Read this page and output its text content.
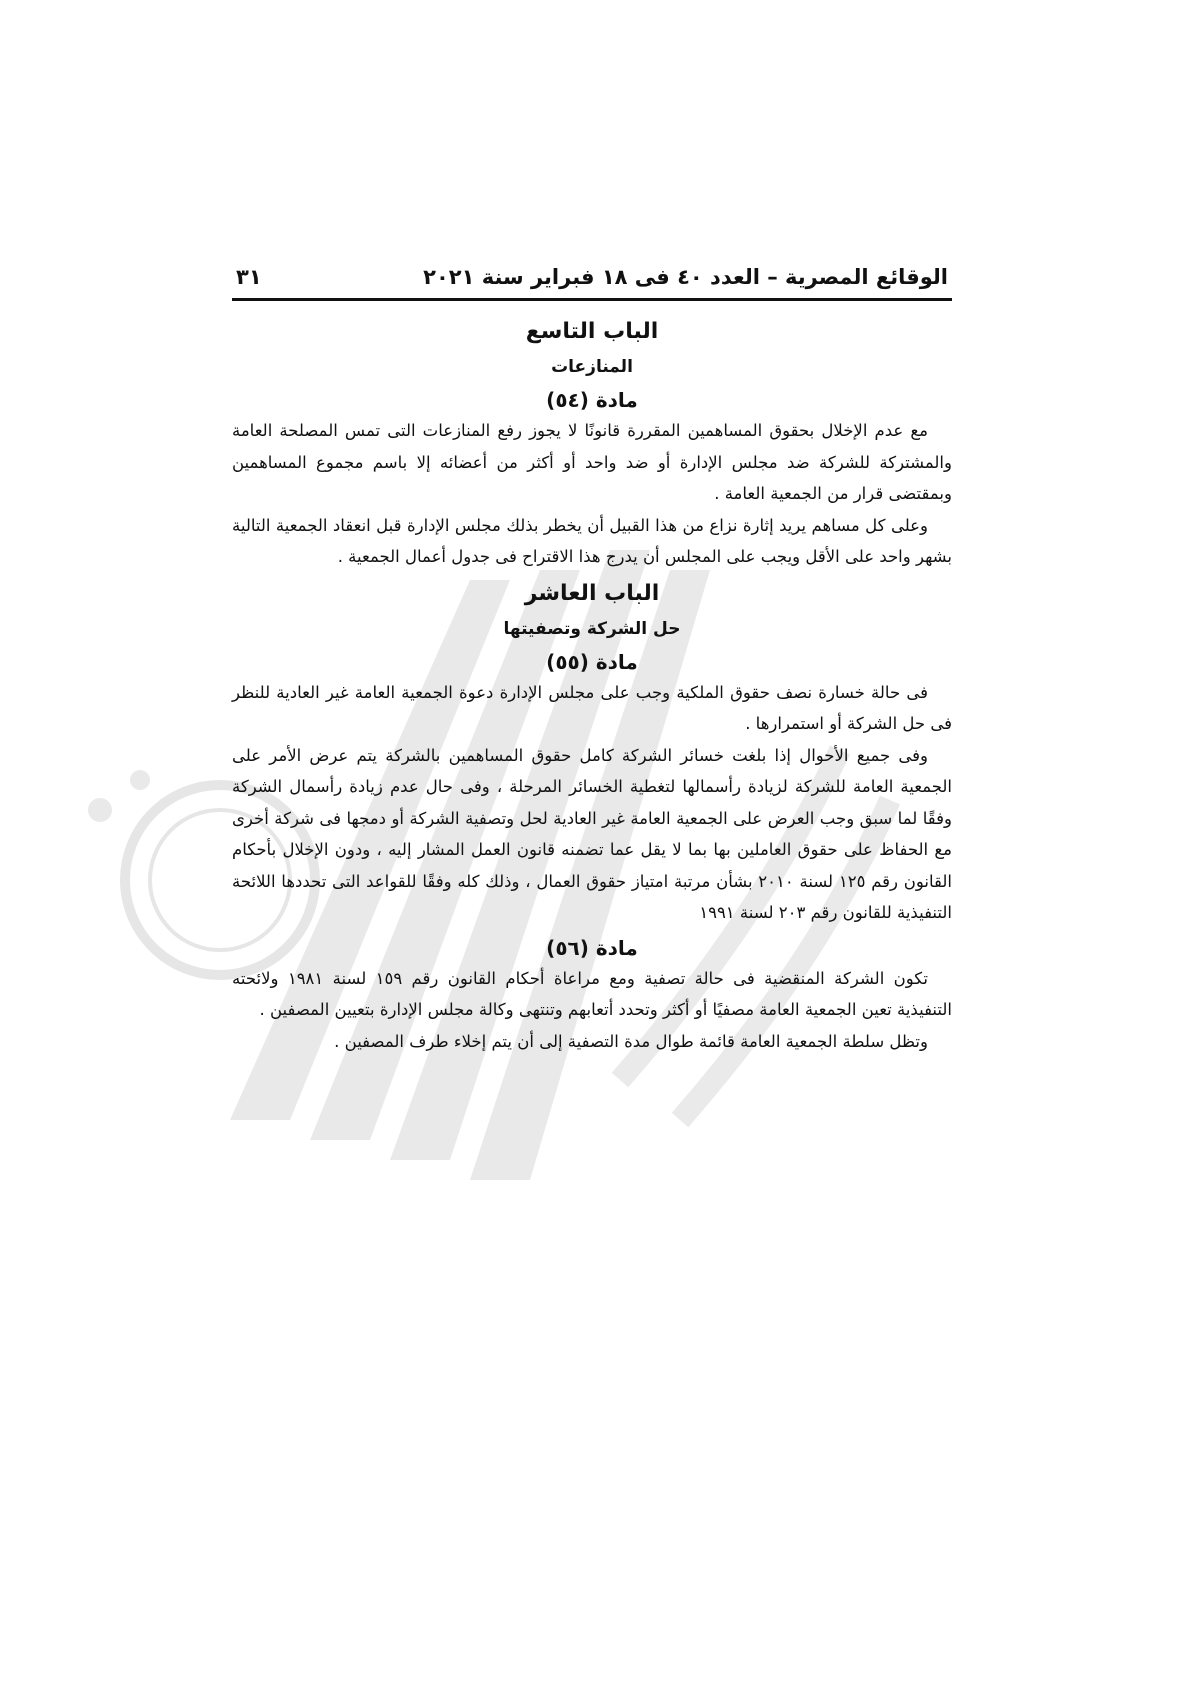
الوقائع المصرية – العدد ٤٠ فى ١٨ فبراير سنة ٢٠٢١
٣١
الباب التاسع
المنازعات
مادة (٥٤)

مع عدم الإخلال بحقوق المساهمين المقررة قانونًا لا يجوز رفع المنازعات التى تمس المصلحة العامة والمشتركة للشركة ضد مجلس الإدارة أو ضد واحد أو أكثر من أعضائه إلا باسم مجموع المساهمين وبمقتضى قرار من الجمعية العامة .

وعلى كل مساهم يريد إثارة نزاع من هذا القبيل أن يخطر بذلك مجلس الإدارة قبل انعقاد الجمعية التالية بشهر واحد على الأقل ويجب على المجلس أن يدرج هذا الاقتراح فى جدول أعمال الجمعية .

الباب العاشر
حل الشركة وتصفيتها
مادة (٥٥)

فى حالة خسارة نصف حقوق الملكية وجب على مجلس الإدارة دعوة الجمعية العامة غير العادية للنظر فى حل الشركة أو استمرارها .

وفى جميع الأحوال إذا بلغت خسائر الشركة كامل حقوق المساهمين بالشركة يتم عرض الأمر على الجمعية العامة للشركة لزيادة رأسمالها لتغطية الخسائر المرحلة ، وفى حال عدم زيادة رأسمال الشركة وفقًا لما سبق وجب العرض على الجمعية العامة غير العادية لحل وتصفية الشركة أو دمجها فى شركة أخرى مع الحفاظ على حقوق العاملين بها بما لا يقل عما تضمنه قانون العمل المشار إليه ، ودون الإخلال بأحكام القانون رقم ١٢٥ لسنة ٢٠١٠ بشأن مرتبة امتياز حقوق العمال ، وذلك كله وفقًا للقواعد التى تحددها اللائحة التنفيذية للقانون رقم ٢٠٣ لسنة ١٩٩١

مادة (٥٦)

تكون الشركة المنقضية فى حالة تصفية ومع مراعاة أحكام القانون رقم ١٥٩ لسنة ١٩٨١ ولائحته التنفيذية تعين الجمعية العامة مصفيًا أو أكثر وتحدد أتعابهم وتنتهى وكالة مجلس الإدارة بتعيين المصفين .

وتظل سلطة الجمعية العامة قائمة طوال مدة التصفية إلى أن يتم إخلاء طرف المصفين .
